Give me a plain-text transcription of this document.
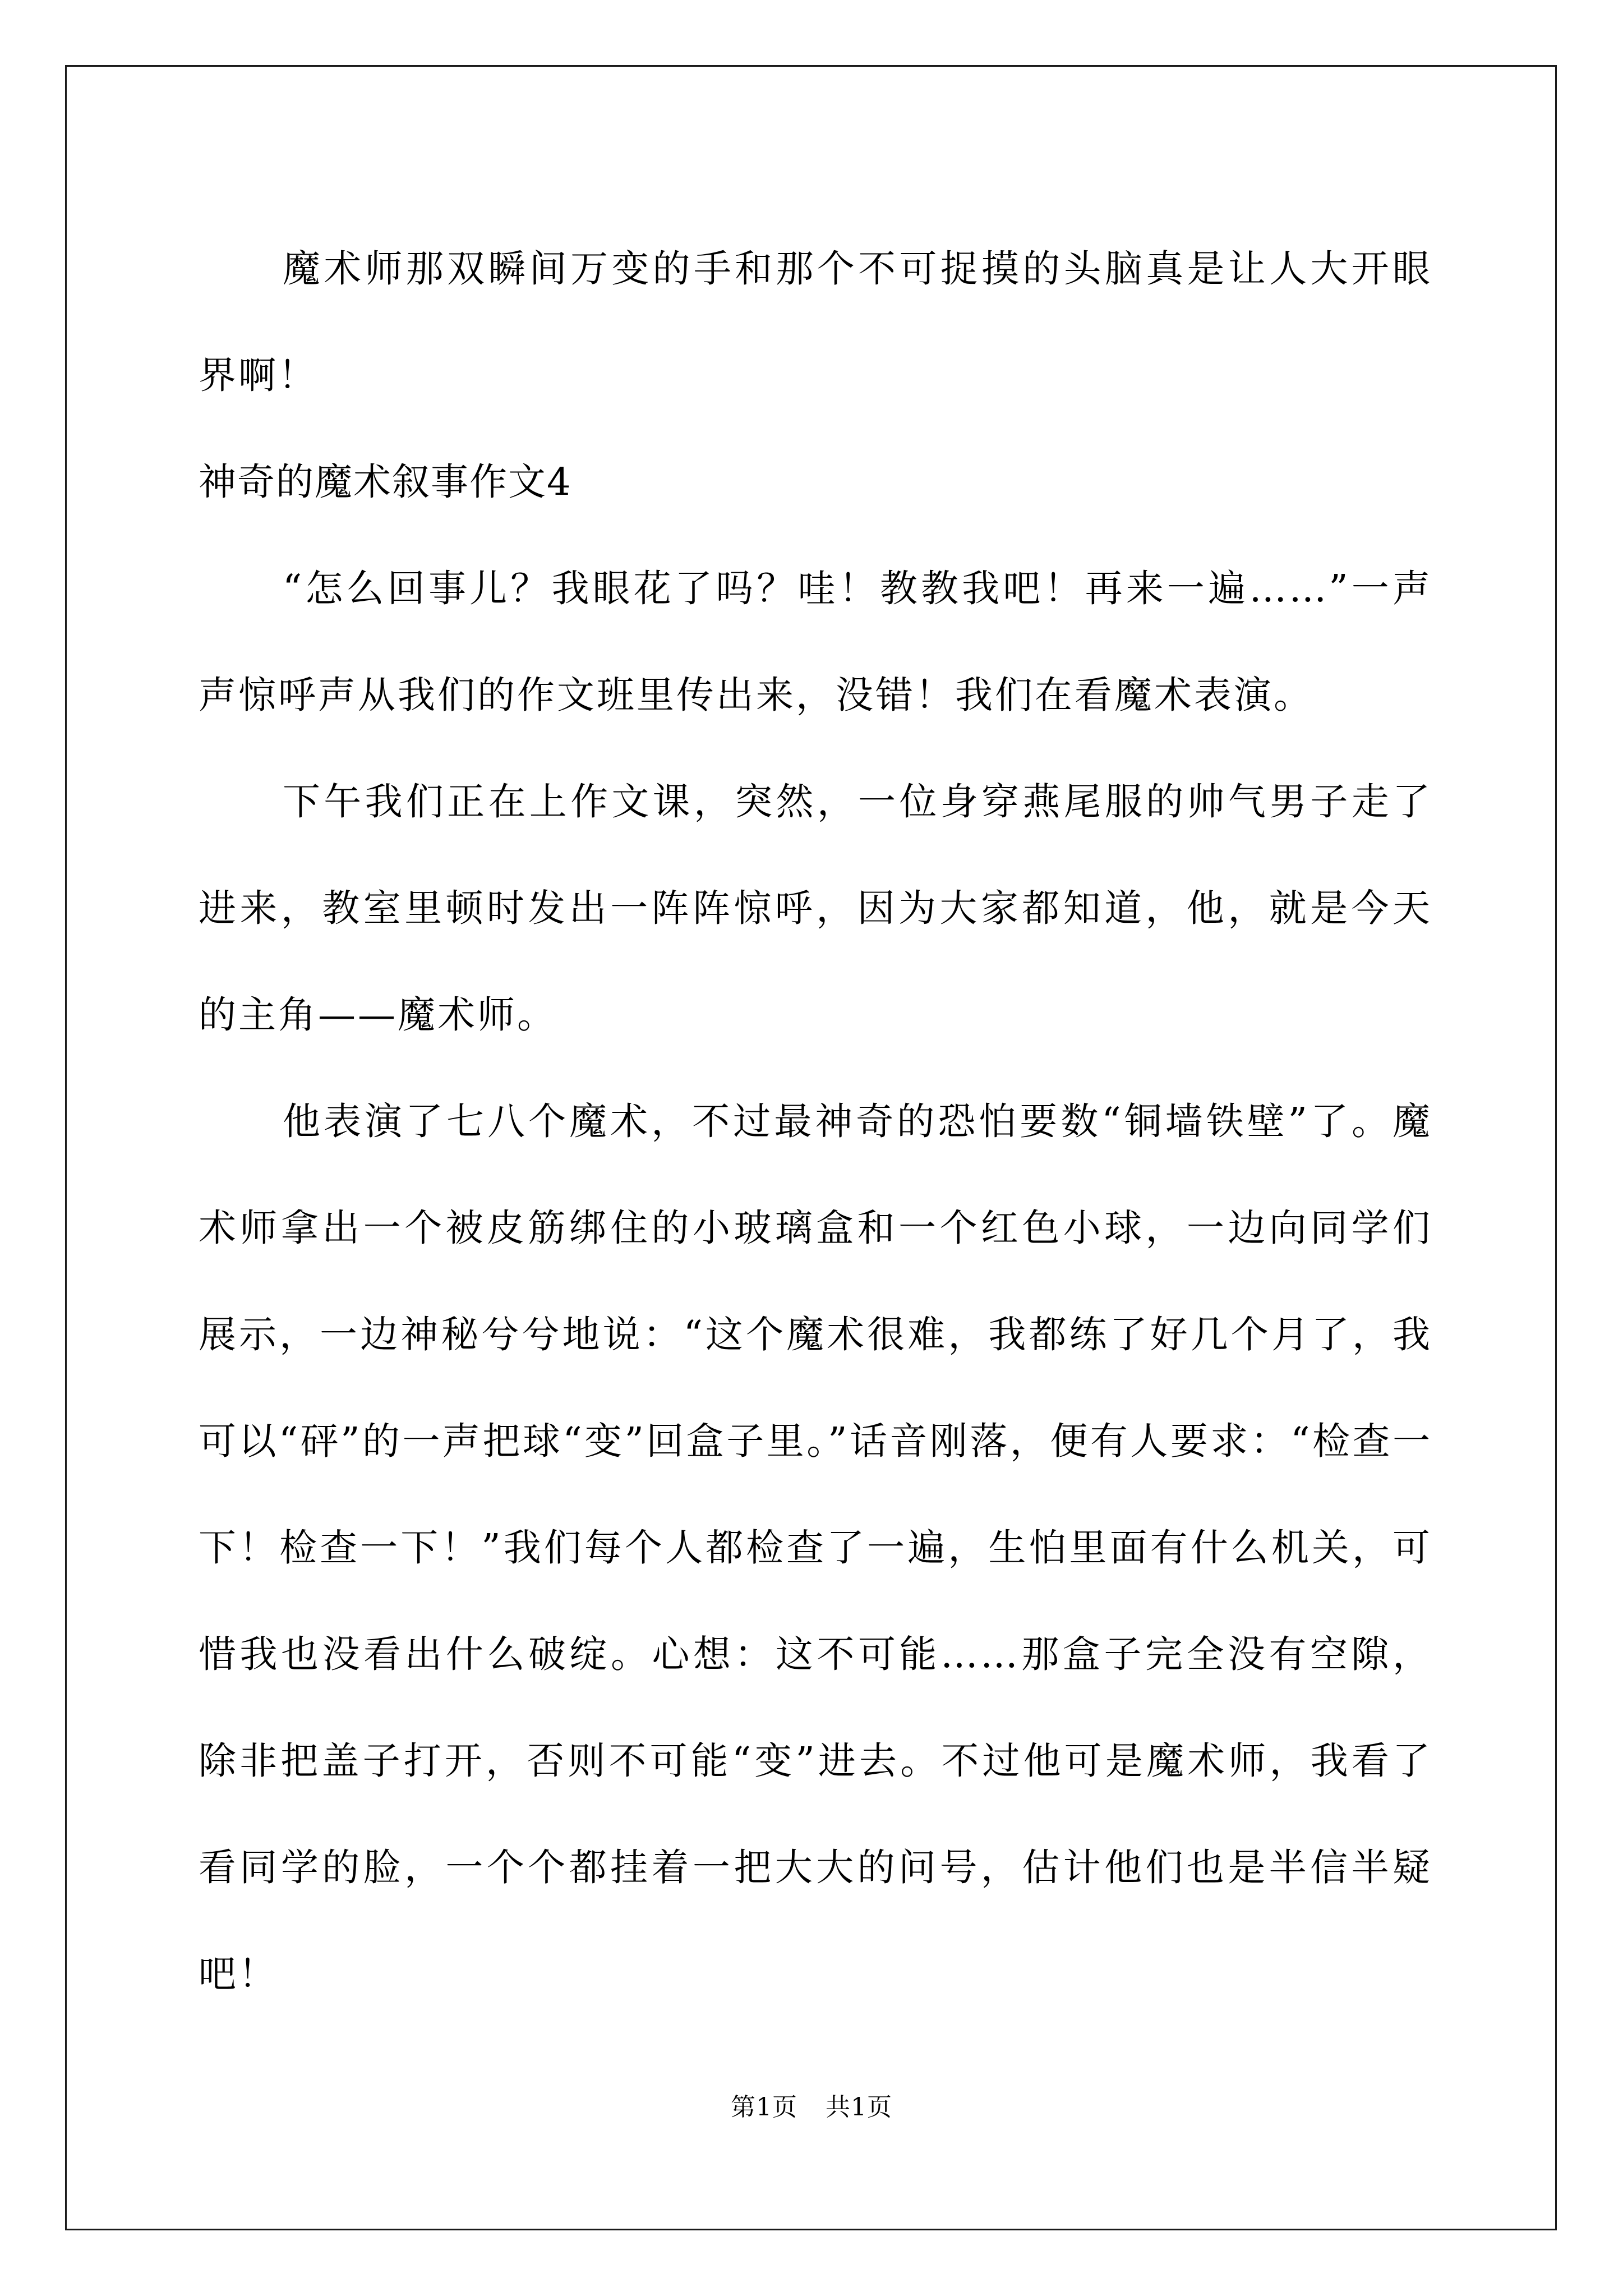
魔术师那双瞬间万变的手和那个不可捉摸的头脑真是让人大开眼界啊！

神奇的魔术叙事作文4

“怎么回事儿？我眼花了吗？哇！教教我吧！再来一遍……”一声声惊呼声从我们的作文班里传出来，没错！我们在看魔术表演。

下午我们正在上作文课，突然，一位身穿燕尾服的帅气男子走了进来，教室里顿时发出一阵阵惊呼，因为大家都知道，他，就是今天的主角——魔术师。

他表演了七八个魔术，不过最神奇的恐怕要数“铜墙铁壁”了。魔术师拿出一个被皮筋绑住的小玻璃盒和一个红色小球，一边向同学们展示，一边神秘兮兮地说：“这个魔术很难，我都练了好几个月了，我可以“砰”的一声把球“变”回盒子里。”话音刚落，便有人要求：“检查一下！检查一下！”我们每个人都检查了一遍，生怕里面有什么机关，可惜我也没看出什么破绽。心想：这不可能……那盒子完全没有空隙，除非把盖子打开，否则不可能“变”进去。不过他可是魔术师，我看了看同学的脸，一个个都挂着一把大大的问号，估计他们也是半信半疑吧！

第1页 共1页
